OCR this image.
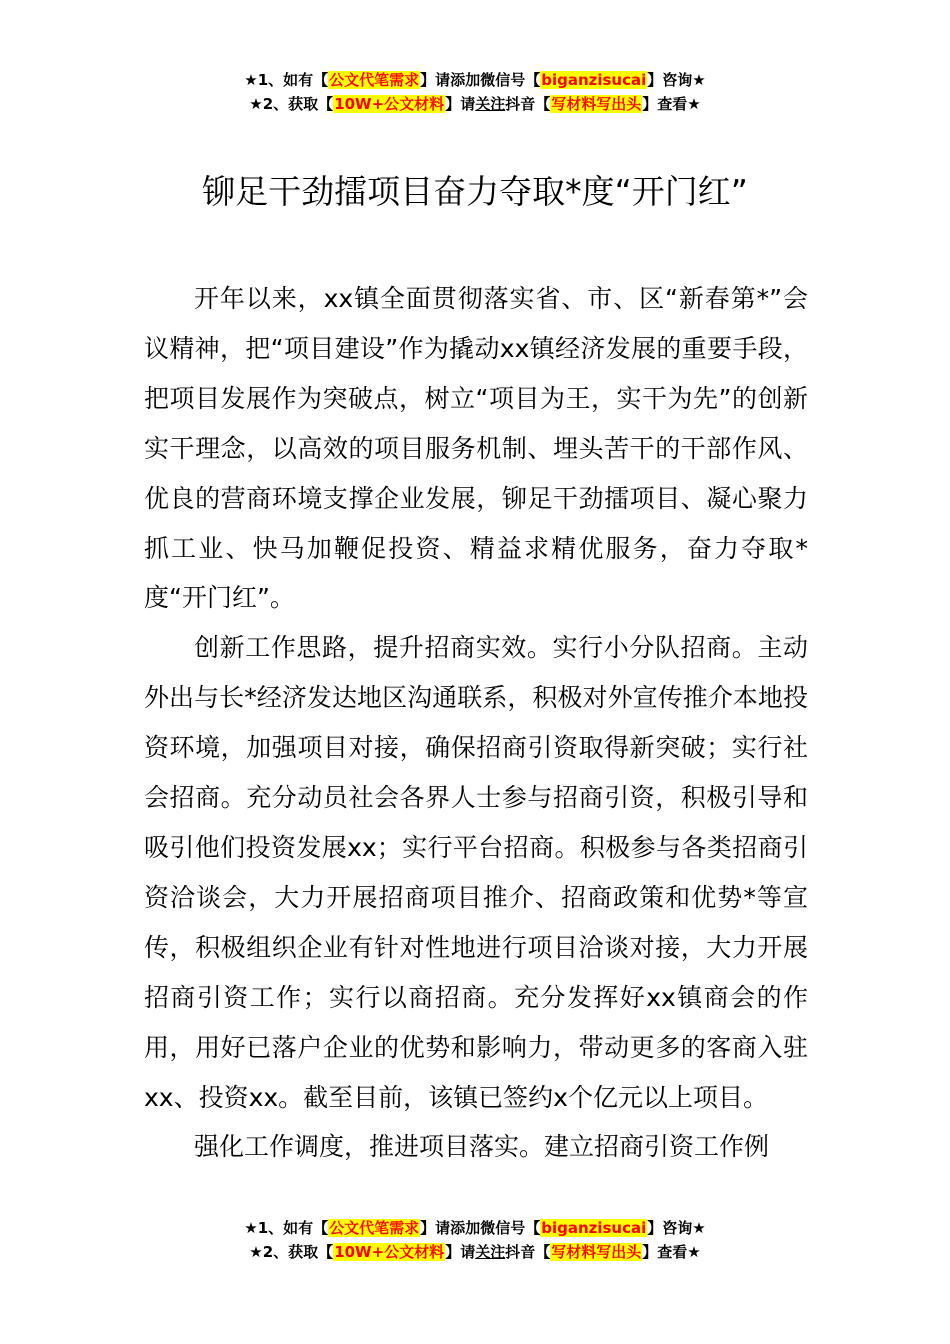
★1、如有【公文代笔需求】请添加微信号【biganzisucai】咨询★
★2、获取【10W+公文材料】请关注抖音【写材料写出头】查看★
铆足干劲擂项目奋力夺取*度“开门红”

开年以来，xx镇全面贯彻落实省、市、区“新春第*”会议精神，把“项目建设”作为撬动xx镇经济发展的重要手段，把项目发展作为突破点，树立“项目为王，实干为先”的创新实干理念，以高效的项目服务机制、埋头苦干的干部作风、优良的营商环境支撑企业发展，铆足干劲擂项目、凝心聚力抓工业、快马加鞭促投资、精益求精优服务，奋力夺取*度“开门红”。

创新工作思路，提升招商实效。实行小分队招商。主动外出与长*经济发达地区沟通联系，积极对外宣传推介本地投资环境，加强项目对接，确保招商引资取得新突破；实行社会招商。充分动员社会各界人士参与招商引资，积极引导和吸引他们投资发展xx；实行平台招商。积极参与各类招商引资洽谈会，大力开展招商项目推介、招商政策和优势*等宣传，积极组织企业有针对性地进行项目洽谈对接，大力开展招商引资工作；实行以商招商。充分发挥好xx镇商会的作用，用好已落户企业的优势和影响力，带动更多的客商入驻xx、投资xx。截至目前，该镇已签约x个亿元以上项目。

强化工作调度，推进项目落实。建立招商引资工作例

★1、如有【公文代笔需求】请添加微信号【biganzisucai】咨询★
★2、获取【10W+公文材料】请关注抖音【写材料写出头】查看★
